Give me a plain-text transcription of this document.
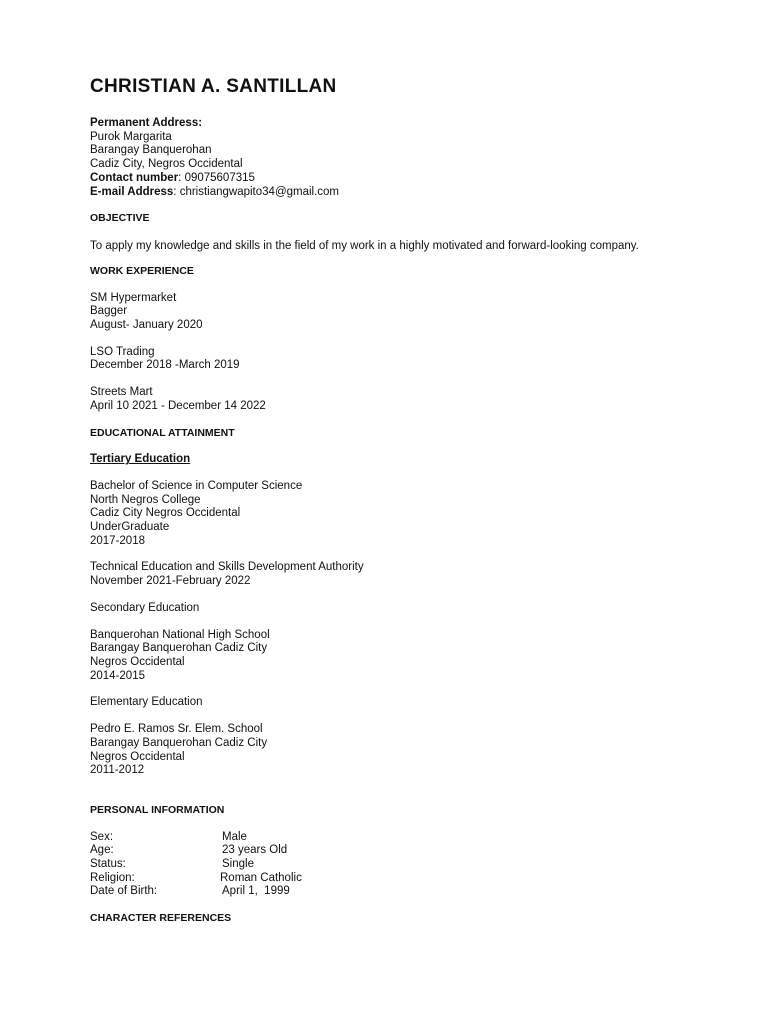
CHRISTIAN A. SANTILLAN
Permanent Address:
Purok Margarita
Barangay Banquerohan
Cadiz City, Negros Occidental
Contact number: 09075607315
E-mail Address: christiangwapito34@gmail.com
OBJECTIVE
To apply my knowledge and skills in the field of my work in a highly motivated and forward-looking company.
WORK EXPERIENCE
SM Hypermarket
Bagger
August- January 2020
LSO Trading
December 2018 -March 2019
Streets Mart
April 10 2021 - December 14 2022
EDUCATIONAL ATTAINMENT
Tertiary Education
Bachelor of Science in Computer Science
North Negros College
Cadiz City Negros Occidental
UnderGraduate
2017-2018
Technical Education and Skills Development Authority
November 2021-February 2022
Secondary Education
Banquerohan National High School
Barangay Banquerohan Cadiz City
Negros Occidental
2014-2015
Elementary Education
Pedro E. Ramos Sr. Elem. School
Barangay Banquerohan Cadiz City
Negros Occidental
2011-2012
PERSONAL INFORMATION
Sex:	Male
Age:	23 years Old
Status:	Single
Religion:	Roman Catholic
Date of Birth:	April 1,  1999
CHARACTER REFERENCES
